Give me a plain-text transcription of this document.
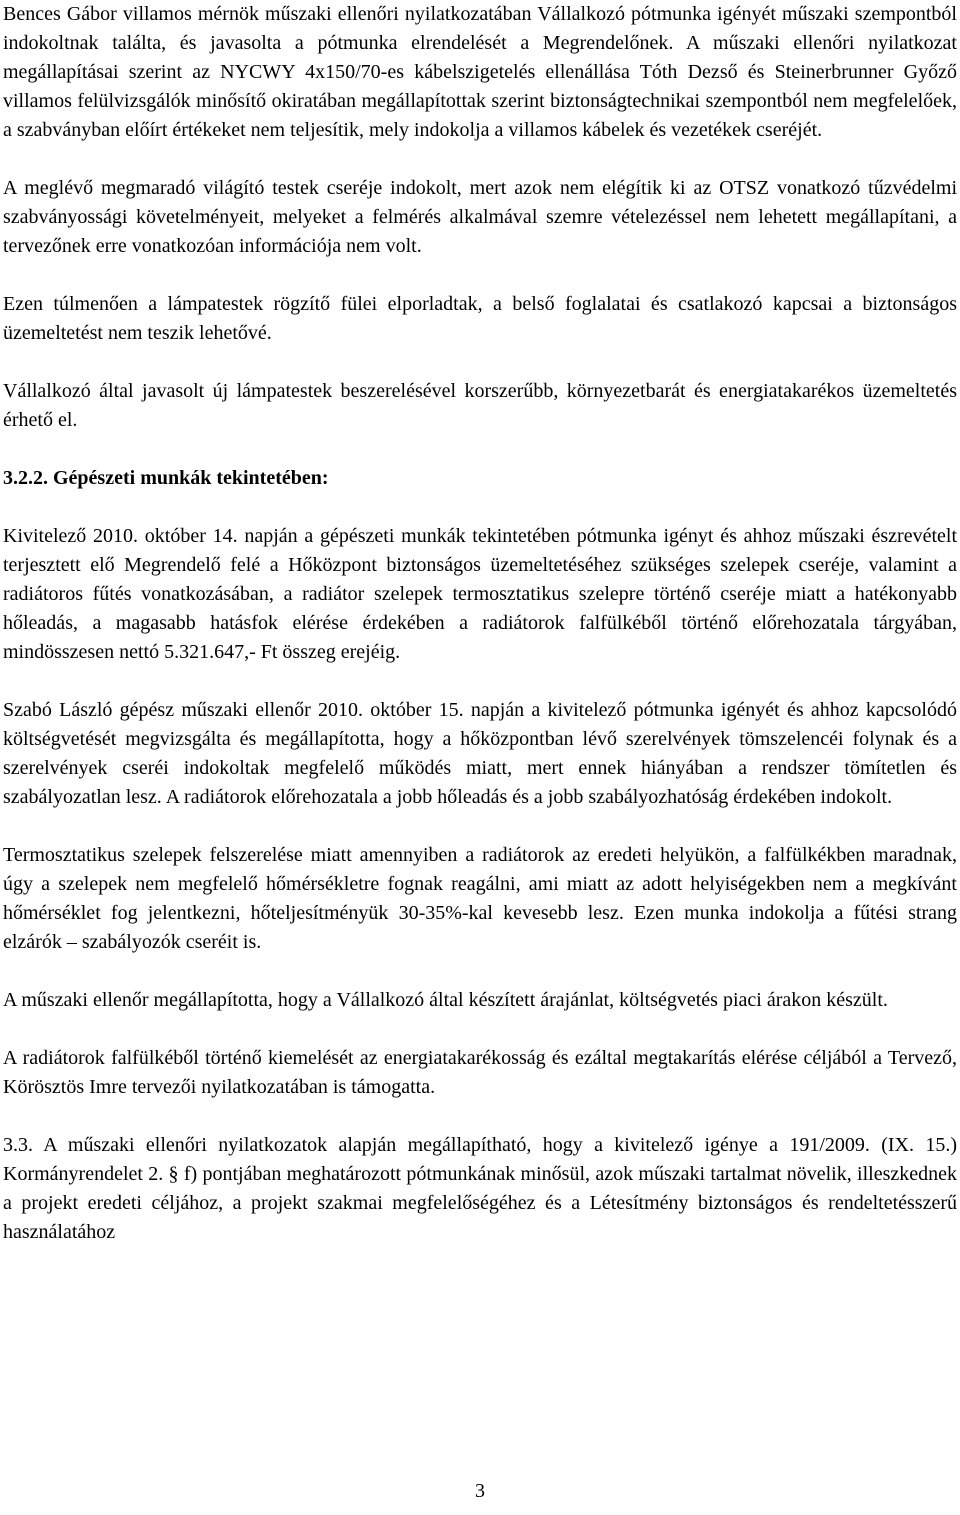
Bences Gábor villamos mérnök műszaki ellenőri nyilatkozatában Vállalkozó pótmunka igényét műszaki szempontból indokoltnak találta, és javasolta a pótmunka elrendelését a Megrendelőnek. A műszaki ellenőri nyilatkozat megállapításai szerint az NYCWY 4x150/70-es kábelszigetelés ellenállása Tóth Dezső és Steinerbrunner Győző villamos felülvizsgálók minősítő okiratában megállapítottak szerint biztonságtechnikai szempontból nem megfelelőek, a szabványban előírt értékeket nem teljesítik, mely indokolja a villamos kábelek és vezetékek cseréjét.

A meglévő megmaradó világító testek cseréje indokolt, mert azok nem elégítik ki az OTSZ vonatkozó tűzvédelmi szabványossági követelményeit, melyeket a felmérés alkalmával szemre vételezéssel nem lehetett megállapítani, a tervezőnek erre vonatkozóan információja nem volt.

Ezen túlmenően a lámpatestek rögzítő fülei elporladtak, a belső foglalatai és csatlakozó kapcsai a biztonságos üzemeltetést nem teszik lehetővé.

Vállalkozó által javasolt új lámpatestek beszerelésével korszerűbb, környezetbarát és energiatakarékos üzemeltetés érhető el.

3.2.2. Gépészeti munkák tekintetében:

Kivitelező 2010. október 14. napján a gépészeti munkák tekintetében pótmunka igényt és ahhoz műszaki észrevételt terjesztett elő Megrendelő felé a Hőközpont biztonságos üzemeltetéséhez szükséges szelepek cseréje, valamint a radiátoros fűtés vonatkozásában, a radiátor szelepek termosztatikus szelepre történő cseréje miatt a hatékonyabb hőleadás, a magasabb hatásfok elérése érdekében a radiátorok falfülkéből történő előrehozatala tárgyában, mindösszesen nettó 5.321.647,- Ft összeg erejéig.

Szabó László gépész műszaki ellenőr 2010. október 15. napján a kivitelező pótmunka igényét és ahhoz kapcsolódó költségvetését megvizsgálta és megállapította, hogy a hőközpontban lévő szerelvények tömszelencéi folynak és a szerelvények cseréi indokoltak megfelelő működés miatt, mert ennek hiányában a rendszer tömítetlen és szabályozatlan lesz. A radiátorok előrehozatala a jobb hőleadás és a jobb szabályozhatóság érdekében indokolt.

Termosztatikus szelepek felszerelése miatt amennyiben a radiátorok az eredeti helyükön, a falfülkékben maradnak, úgy a szelepek nem megfelelő hőmérsékletre fognak reagálni, ami miatt az adott helyiségekben nem a megkívánt hőmérséklet fog jelentkezni, hőteljesítményük 30-35%-kal kevesebb lesz. Ezen munka indokolja a fűtési strang elzárók – szabályozók cseréit is.

A műszaki ellenőr megállapította, hogy a Vállalkozó által készített árajánlat, költségvetés piaci árakon készült.

A radiátorok falfülkéből történő kiemelését az energiatakarékosság és ezáltal megtakarítás elérése céljából a Tervező, Körösztös Imre tervezői nyilatkozatában is támogatta.

3.3. A műszaki ellenőri nyilatkozatok alapján megállapítható, hogy a kivitelező igénye a 191/2009. (IX. 15.) Kormányrendelet 2. § f) pontjában meghatározott pótmunkának minősül, azok műszaki tartalmat növelik, illeszkednek a projekt eredeti céljához, a projekt szakmai megfelelőségéhez és a Létesítmény biztonságos és rendeltetésszerű használatához

3
